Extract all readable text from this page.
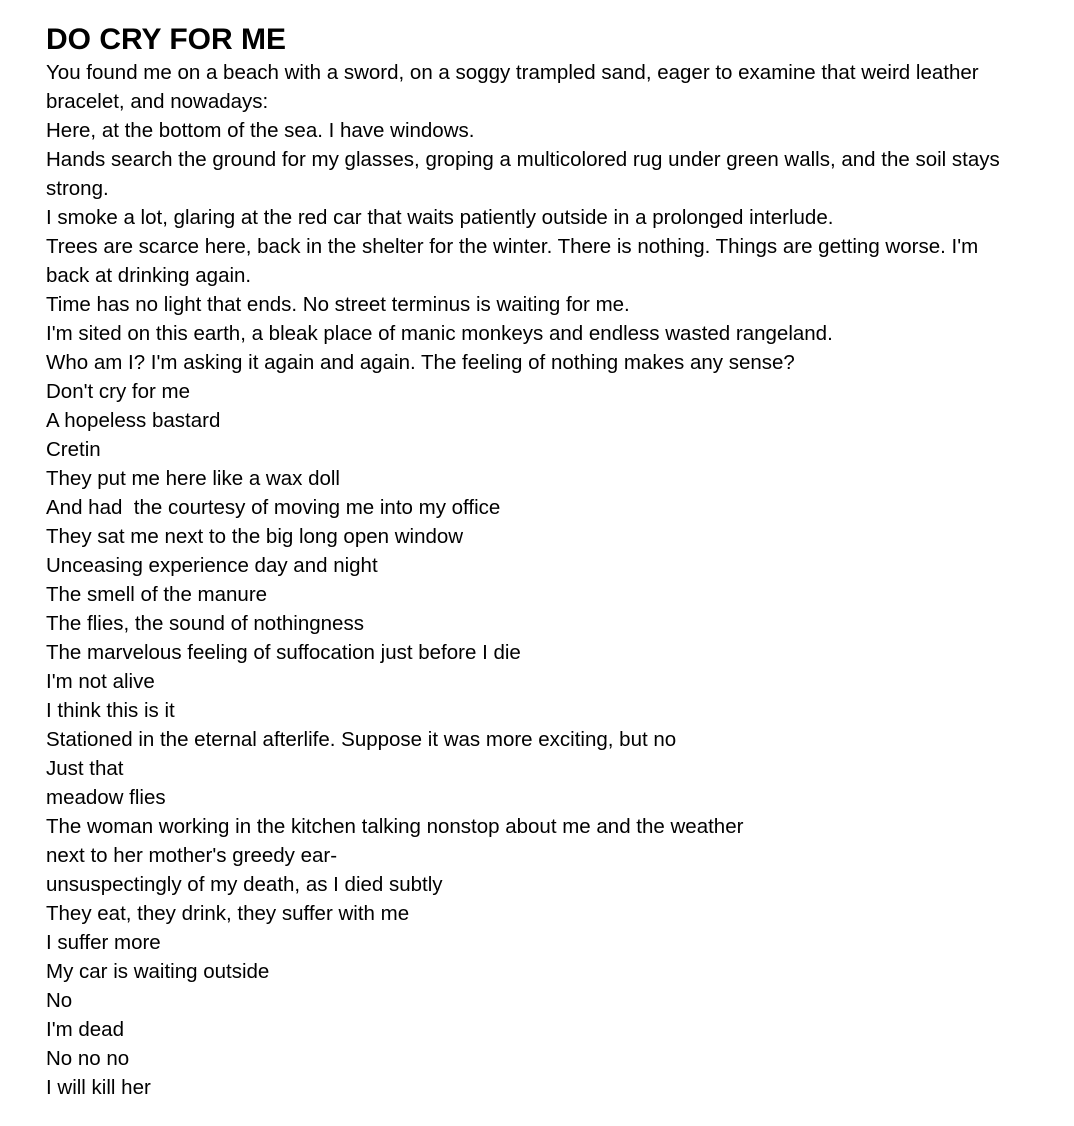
DO CRY FOR ME

You found me on a beach with a sword, on a soggy trampled sand, eager to examine that weird leather bracelet, and nowadays:

Here, at the bottom of the sea. I have windows.

Hands search the ground for my glasses, groping a multicolored rug under green walls, and the soil stays strong.

I smoke a lot, glaring at the red car that waits patiently outside in a prolonged interlude.

Trees are scarce here, back in the shelter for the winter. There is nothing. Things are getting worse. I'm back at drinking again.

Time has no light that ends. No street terminus is waiting for me.

I'm sited on this earth, a bleak place of manic monkeys and endless wasted rangeland.

Who am I? I'm asking it again and again. The feeling of nothing makes any sense?

Don't cry for me

A hopeless bastard

Cretin

They put me here like a wax doll

And had  the courtesy of moving me into my office

They sat me next to the big long open window

Unceasing experience day and night

The smell of the manure

The flies, the sound of nothingness

The marvelous feeling of suffocation just before I die

I'm not alive

I think this is it

Stationed in the eternal afterlife. Suppose it was more exciting, but no

Just that

meadow flies

The woman working in the kitchen talking nonstop about me and the weather

next to her mother's greedy ear-

unsuspectingly of my death, as I died subtly

They eat, they drink, they suffer with me

I suffer more

My car is waiting outside

No

I'm dead

No no no

I will kill her
